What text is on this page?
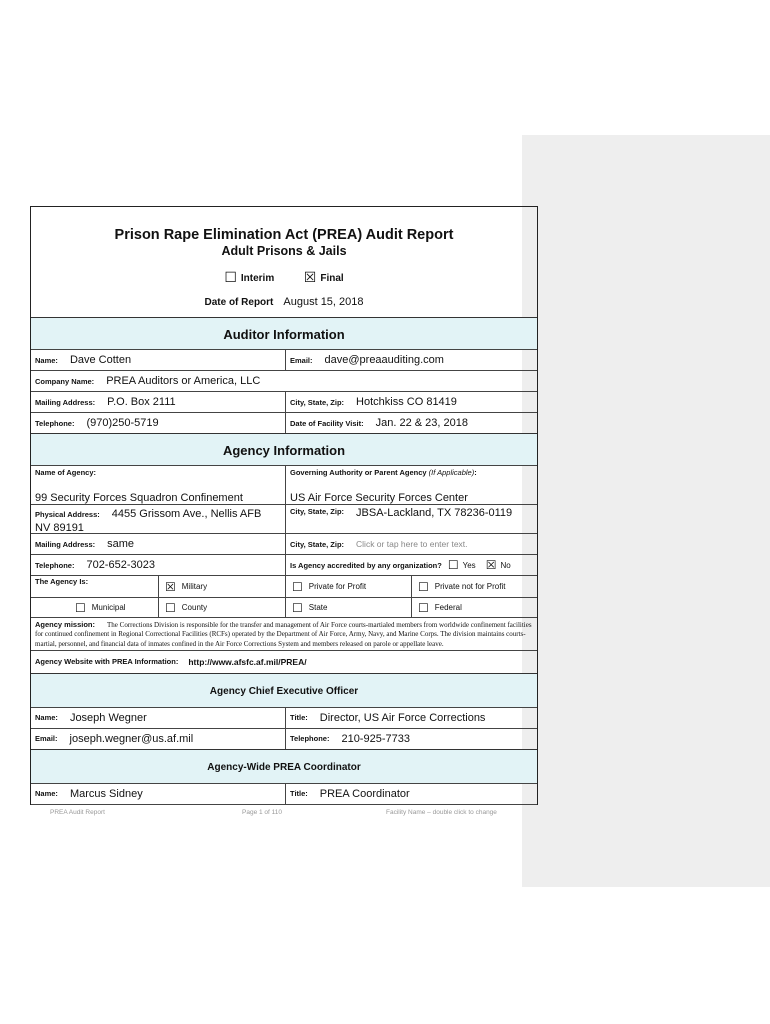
Prison Rape Elimination Act (PREA) Audit Report
Adult Prisons & Jails
☐ Interim ☒ Final
Date of Report August 15, 2018
Auditor Information
Name: Dave Cotten	Email: dave@preaauditing.com
Company Name: PREA Auditors or America, LLC
Mailing Address: P.O. Box 2111	City, State, Zip: Hotchkiss CO 81419
Telephone: (970)250-5719	Date of Facility Visit: Jan. 22 & 23, 2018
Agency Information
Name of Agency:
99 Security Forces Squadron Confinement
Governing Authority or Parent Agency (If Applicable):
US Air Force Security Forces Center
Physical Address: 4455 Grissom Ave., Nellis AFB
NV 89191
City, State, Zip: JBSA-Lackland, TX 78236-0119
Mailing Address: same	City, State, Zip: Click or tap here to enter text.
Telephone: 702-652-3023	Is Agency accredited by any organization? ☐ Yes ☒ No
The Agency Is:	☒ Military	☐ Private for Profit	☐ Private not for Profit
☐ Municipal	☐ County	☐ State	☐ Federal
Agency mission: The Corrections Division is responsible for the transfer and management of Air Force courts-martialed members from worldwide confinement facilities for continued confinement in Regional Correctional Facilities (RCFs) operated by the Department of Air Force, Army, Navy, and Marine Corps. The division maintains courts-martial, personnel, and financial data of inmates confined in the Air Force Corrections System and members released on parole or appellate leave.
Agency Website with PREA Information: http://www.afsfc.af.mil/PREA/
Agency Chief Executive Officer
Name: Joseph Wegner	Title: Director, US Air Force Corrections
Email: joseph.wegner@us.af.mil	Telephone: 210-925-7733
Agency-Wide PREA Coordinator
Name: Marcus Sidney	Title: PREA Coordinator
PREA Audit Report	Page 1 of 110	Facility Name – double click to change
